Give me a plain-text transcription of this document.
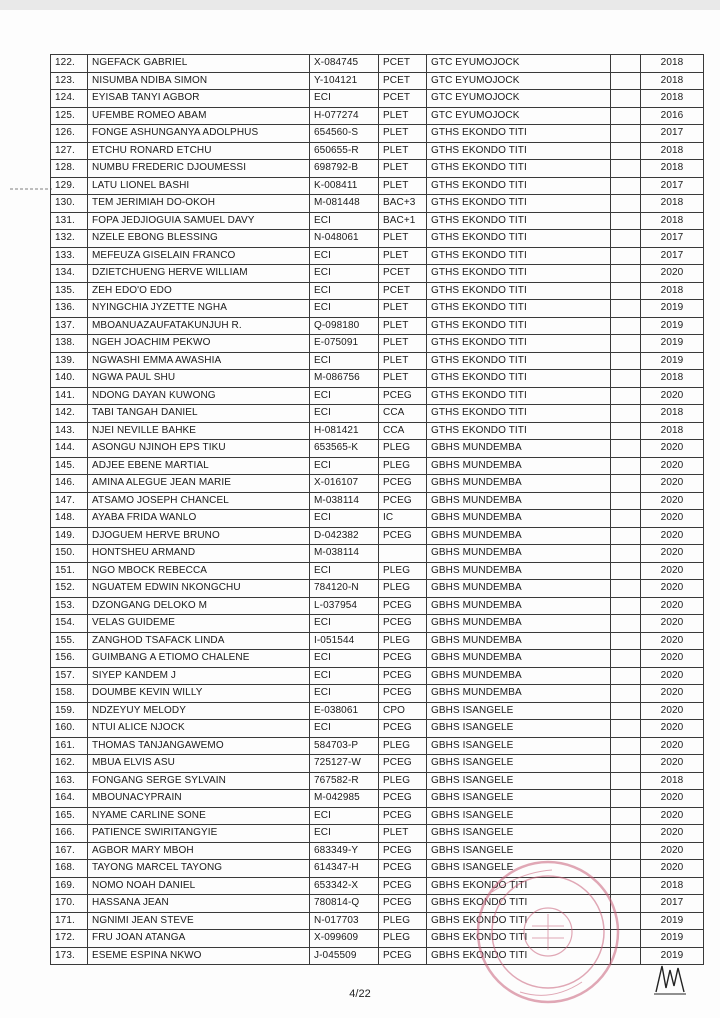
122.	NGEFACK GABRIEL	X-084745	PCET	GTC EYUMOJOCK		2018
123.	NISUMBA NDIBA SIMON	Y-104121	PCET	GTC EYUMOJOCK		2018
124.	EYISAB TANYI AGBOR	ECI	PCET	GTC EYUMOJOCK		2018
125.	UFEMBE ROMEO ABAM	H-077274	PLET	GTC EYUMOJOCK		2016
126.	FONGE ASHUNGANYA ADOLPHUS	654560-S	PLET	GTHS EKONDO TITI		2017
127.	ETCHU RONARD ETCHU	650655-R	PLET	GTHS EKONDO TITI		2018
128.	NUMBU FREDERIC DJOUMESSI	698792-B	PLET	GTHS EKONDO TITI		2018
129.	LATU LIONEL BASHI	K-008411	PLET	GTHS EKONDO TITI		2017
130.	TEM JERIMIAH DO-OKOH	M-081448	BAC+3	GTHS EKONDO TITI		2018
131.	FOPA JEDJIOGUIA SAMUEL DAVY	ECI	BAC+1	GTHS EKONDO TITI		2018
132.	NZELE EBONG BLESSING	N-048061	PLET	GTHS EKONDO TITI		2017
133.	MEFEUZA GISELAIN FRANCO	ECI	PLET	GTHS EKONDO TITI		2017
134.	DZIETCHUENG HERVE WILLIAM	ECI	PCET	GTHS EKONDO TITI		2020
135.	ZEH EDO'O EDO	ECI	PCET	GTHS EKONDO TITI		2018
136.	NYINGCHIA JYZETTE NGHA	ECI	PLET	GTHS EKONDO TITI		2019
137.	MBOANUAZAUFATAKUNJUH R.	Q-098180	PLET	GTHS EKONDO TITI		2019
138.	NGEH JOACHIM PEKWO	E-075091	PLET	GTHS EKONDO TITI		2019
139.	NGWASHI EMMA AWASHIA	ECI	PLET	GTHS EKONDO TITI		2019
140.	NGWA PAUL SHU	M-086756	PLET	GTHS EKONDO TITI		2018
141.	NDONG DAYAN KUWONG	ECI	PCEG	GTHS EKONDO TITI		2020
142.	TABI TANGAH DANIEL	ECI	CCA	GTHS EKONDO TITI		2018
143.	NJEI NEVILLE BAHKE	H-081421	CCA	GTHS EKONDO TITI		2018
144.	ASONGU NJINOH EPS TIKU	653565-K	PLEG	GBHS MUNDEMBA		2020
145.	ADJEE EBENE MARTIAL	ECI	PLEG	GBHS MUNDEMBA		2020
146.	AMINA ALEGUE JEAN MARIE	X-016107	PCEG	GBHS MUNDEMBA		2020
147.	ATSAMO JOSEPH CHANCEL	M-038114	PCEG	GBHS MUNDEMBA		2020
148.	AYABA FRIDA WANLO	ECI	IC	GBHS MUNDEMBA		2020
149.	DJOGUEM HERVE BRUNO	D-042382	PCEG	GBHS MUNDEMBA		2020
150.	HONTSHEU ARMAND	M-038114		GBHS MUNDEMBA		2020
151.	NGO MBOCK REBECCA	ECI	PLEG	GBHS MUNDEMBA		2020
152.	NGUATEM EDWIN NKONGCHU	784120-N	PLEG	GBHS MUNDEMBA		2020
153.	DZONGANG DELOKO M	L-037954	PCEG	GBHS MUNDEMBA		2020
154.	VELAS GUIDEME	ECI	PCEG	GBHS MUNDEMBA		2020
155.	ZANGHOD TSAFACK LINDA	I-051544	PLEG	GBHS MUNDEMBA		2020
156.	GUIMBANG A ETIOMO CHALENE	ECI	PCEG	GBHS MUNDEMBA		2020
157.	SIYEP KANDEM J	ECI	PCEG	GBHS MUNDEMBA		2020
158.	DOUMBE KEVIN WILLY	ECI	PCEG	GBHS MUNDEMBA		2020
159.	NDZEYUY MELODY	E-038061	CPO	GBHS ISANGELE		2020
160.	NTUI ALICE NJOCK	ECI	PCEG	GBHS ISANGELE		2020
161.	THOMAS TANJANGAWEMO	584703-P	PLEG	GBHS ISANGELE		2020
162.	MBUA ELVIS ASU	725127-W	PCEG	GBHS ISANGELE		2020
163.	FONGANG SERGE SYLVAIN	767582-R	PLEG	GBHS ISANGELE		2018
164.	MBOUNACYPRAIN	M-042985	PCEG	GBHS ISANGELE		2020
165.	NYAME CARLINE SONE	ECI	PCEG	GBHS ISANGELE		2020
166.	PATIENCE SWIRITANGYIE	ECI	PLET	GBHS ISANGELE		2020
167.	AGBOR MARY MBOH	683349-Y	PCEG	GBHS ISANGELE		2020
168.	TAYONG MARCEL TAYONG	614347-H	PCEG	GBHS ISANGELE		2020
169.	NOMO NOAH DANIEL	653342-X	PCEG	GBHS EKONDO TITI		2018
170.	HASSANA JEAN	780814-Q	PCEG	GBHS EKONDO TITI		2017
171.	NGNIMI JEAN STEVE	N-017703	PLEG	GBHS EKONDO TITI		2019
172.	FRU JOAN ATANGA	X-099609	PLEG	GBHS EKONDO TITI		2019
173.	ESEME ESPINA NKWO	J-045509	PCEG	GBHS EKONDO TITI		2019
4/22
